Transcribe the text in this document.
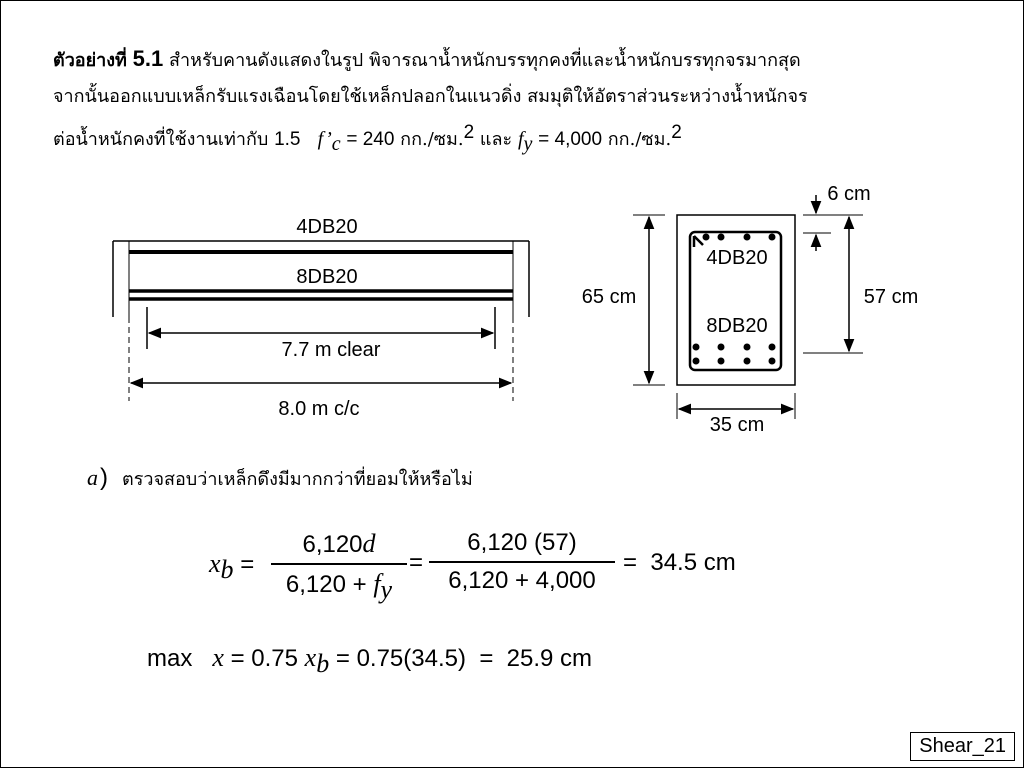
ตัวอย่างที่ 5.1 สำหรับคานดังแสดงในรูป พิจารณาน้ำหนักบรรทุกคงที่และน้ำหนักบรรทุกจรมากสุด
จากนั้นออกแบบเหล็กรับแรงเฉือนโดยใช้เหล็กปลอกในแนวดิ่ง สมมุติให้อัตราส่วนระหว่างน้ำหนักจร
ต่อน้ำหนักคงที่ใช้งานเท่ากับ 1.5 $f’_c = 240$ กก./ซม.$^2$ และ $f_y = 4,000$ กก./ซม.$^2$
4DB20
8DB20
7.7 m clear
8.0 m c/c
4DB20
8DB20
65 cm
35 cm
6 cm
57 cm
a) ตรวจสอบว่าเหล็กดึงมีมากกว่าที่ยอมให้หรือไม่
$x_b = \frac{6,120d}{6,120 + f_y} = \frac{6,120 (57)}{6,120 + 4,000} = 34.5$ cm
max x = 0.75 $x_b = 0.75(34.5) = 25.9$ cm
Shear_21
